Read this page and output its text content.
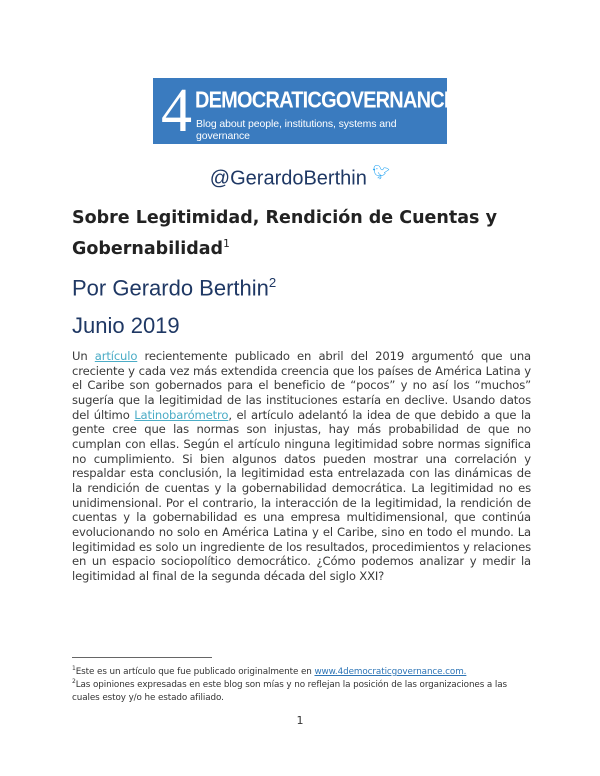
4 DEMOCRATICGOVERNANCE
Blog about people, institutions, systems and governance
@GerardoBerthin 🐦︎
Sobre Legitimidad, Rendición de Cuentas y Gobernabilidad$^1$
Por Gerardo Berthin$^2$
Junio 2019
Un artículo recientemente publicado en abril del 2019 argumentó que una creciente y cada vez más extendida creencia que los países de América Latina y el Caribe son gobernados para el beneficio de “pocos” y no así los “muchos” sugería que la legitimidad de las instituciones estaría en declive. Usando datos del último Latinobarómetro, el artículo adelantó la idea de que debido a que la gente cree que las normas son injustas, hay más probabilidad de que no cumplan con ellas. Según el artículo ninguna legitimidad sobre normas significa no cumplimiento. Si bien algunos datos pueden mostrar una correlación y respaldar esta conclusión, la legitimidad esta entrelazada con las dinámicas de la rendición de cuentas y la gobernabilidad democrática. La legitimidad no es unidimensional. Por el contrario, la interacción de la legitimidad, la rendición de cuentas y la gobernabilidad es una empresa multidimensional, que continúa evolucionando no solo en América Latina y el Caribe, sino en todo el mundo. La legitimidad es solo un ingrediente de los resultados, procedimientos y relaciones en un espacio sociopolítico democrático. ¿Cómo podemos analizar y medir la legitimidad al final de la segunda década del siglo XXI?
$^1$Este es un artículo que fue publicado originalmente en www.4democraticgovernance.com.
$^2$Las opiniones expresadas en este blog son mías y no reflejan la posición de las organizaciones a las cuales estoy y/o he estado afiliado.
1
